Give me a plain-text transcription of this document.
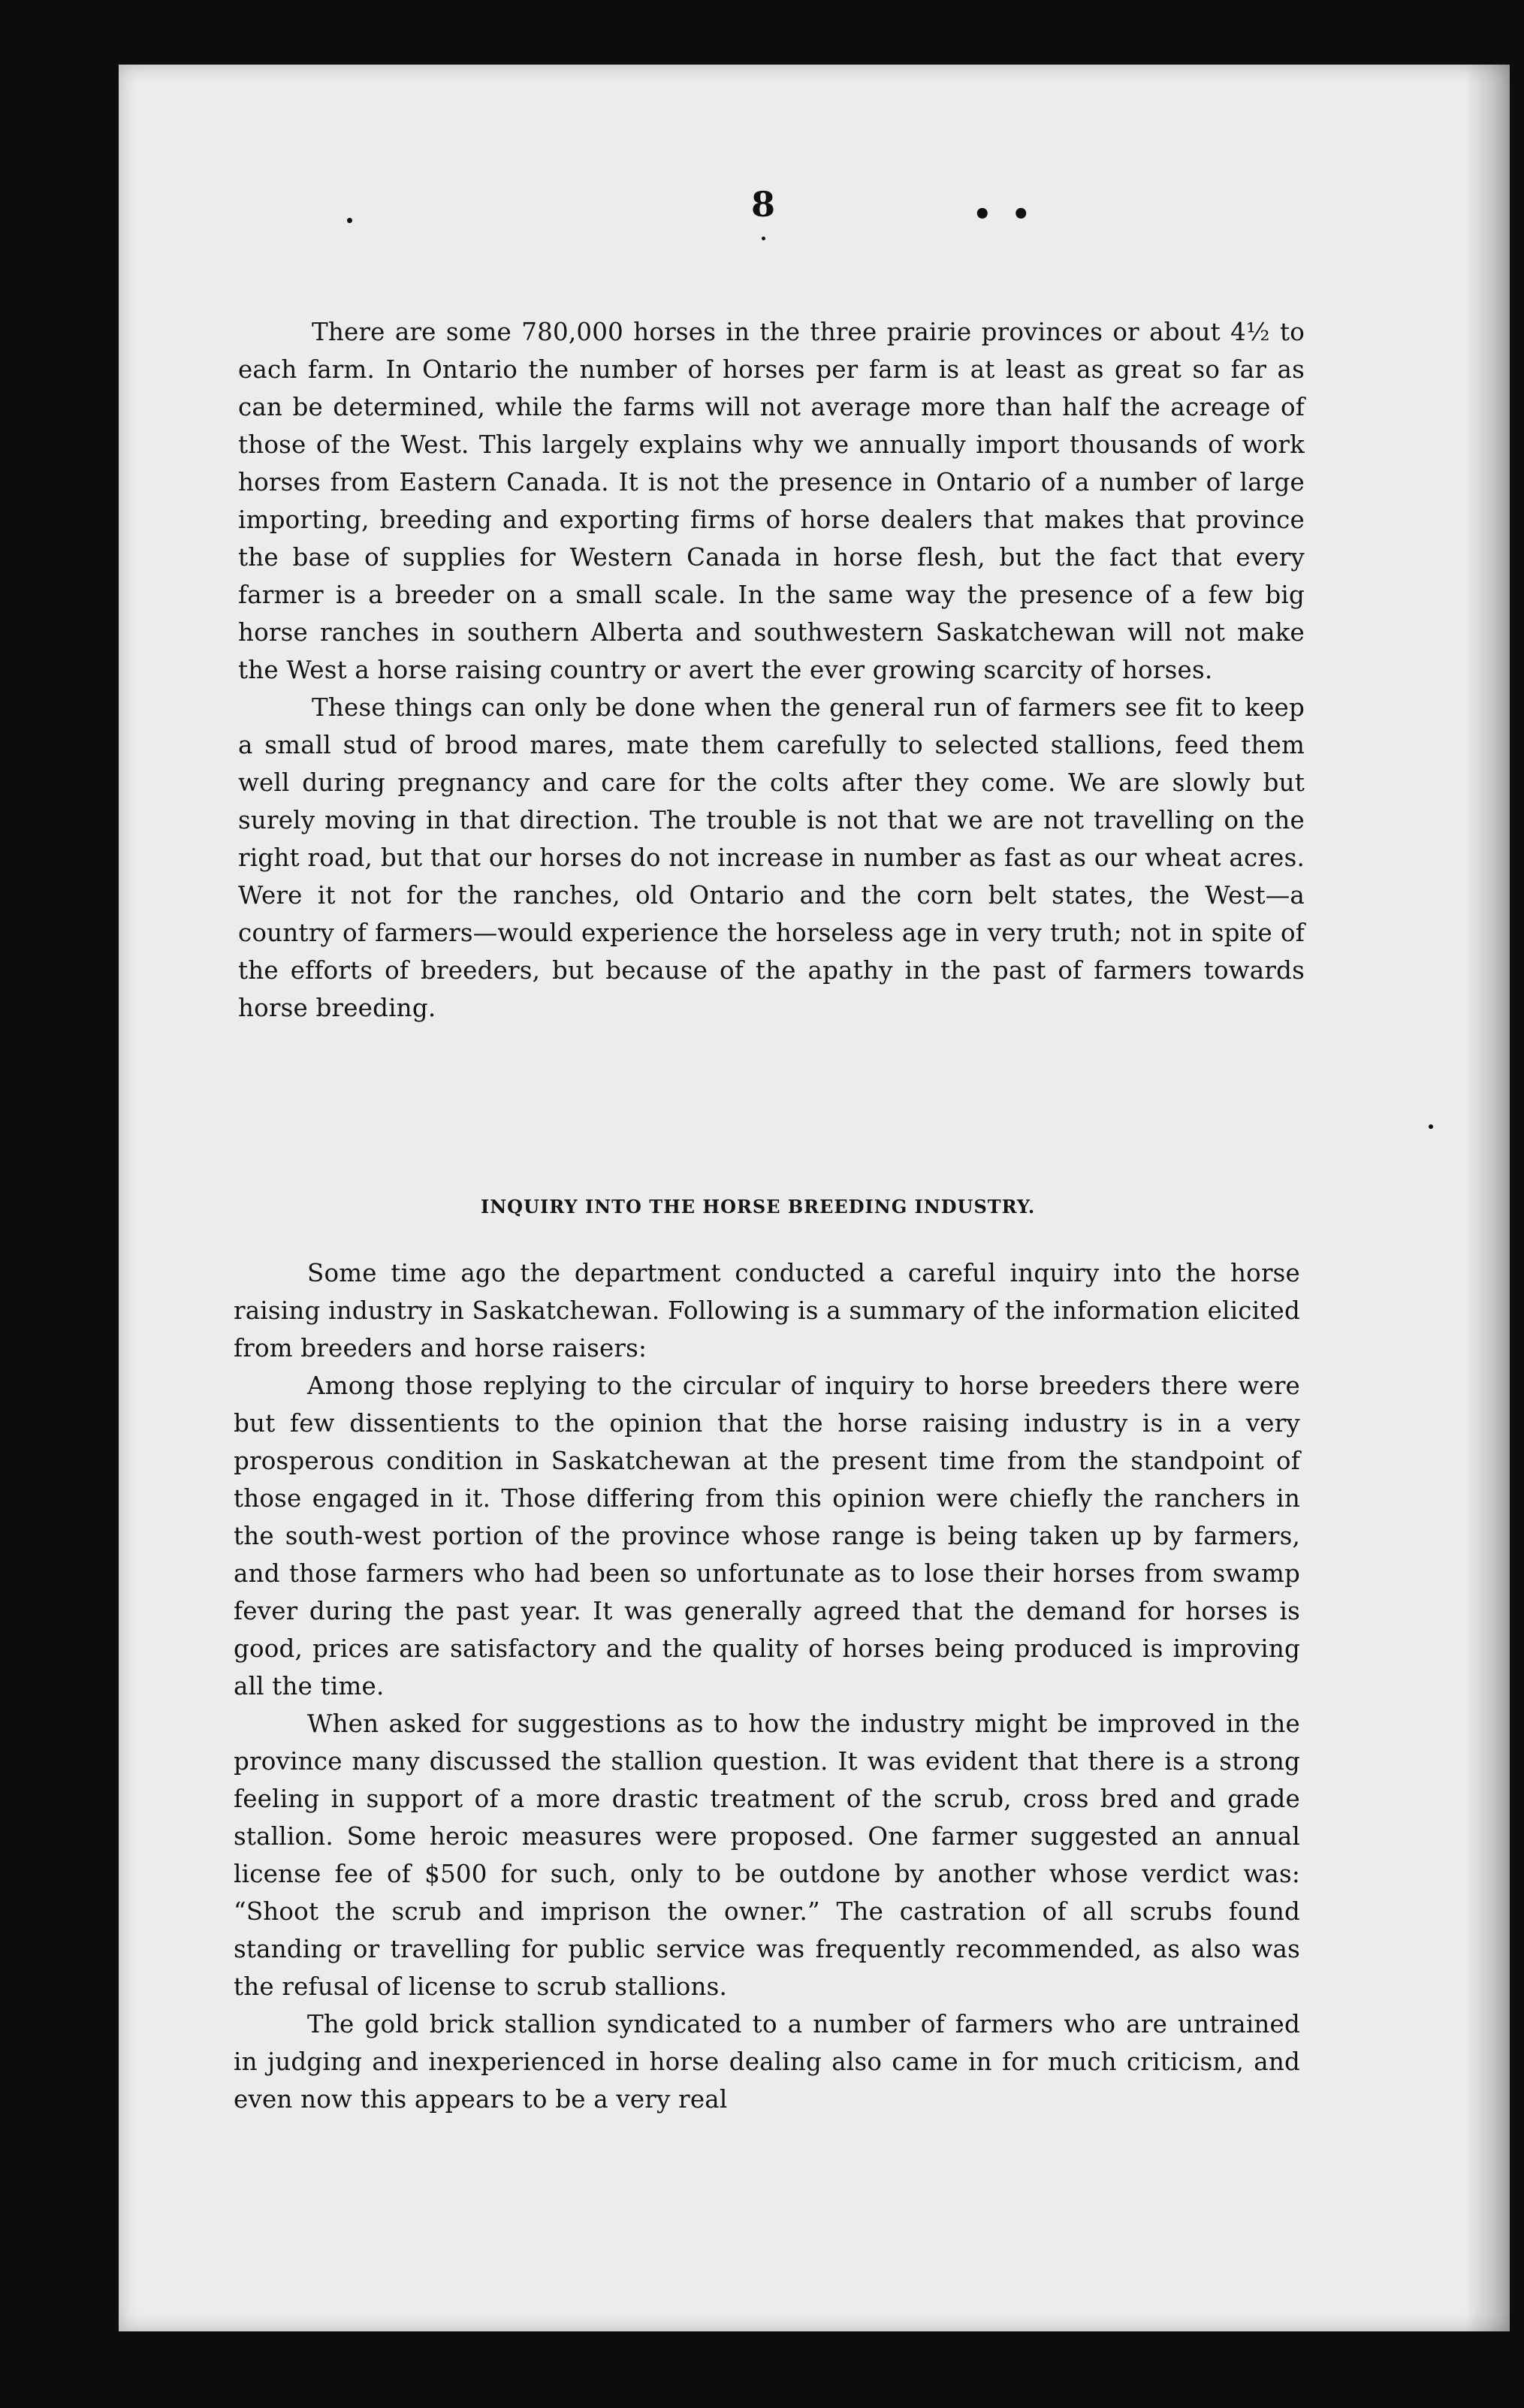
8	• •

There are some 780,000 horses in the three prairie provinces or about 4½ to each farm. In Ontario the number of horses per farm is at least as great so far as can be determined, while the farms will not average more than half the acreage of those of the West. This largely explains why we annually import thousands of work horses from Eastern Canada. It is not the presence in Ontario of a number of large importing, breeding and exporting firms of horse dealers that makes that province the base of supplies for Western Canada in horse flesh, but the fact that every farmer is a breeder on a small scale. In the same way the presence of a few big horse ranches in southern Alberta and southwestern Saskatchewan will not make the West a horse raising country or avert the ever growing scarcity of horses.

These things can only be done when the general run of farmers see fit to keep a small stud of brood mares, mate them carefully to selected stallions, feed them well during pregnancy and care for the colts after they come. We are slowly but surely moving in that direction. The trouble is not that we are not travelling on the right road, but that our horses do not increase in number as fast as our wheat acres. Were it not for the ranches, old Ontario and the corn belt states, the West—a country of farmers—would experience the horseless age in very truth; not in spite of the efforts of breeders, but because of the apathy in the past of farmers towards horse breeding.

INQUIRY INTO THE HORSE BREEDING INDUSTRY.

Some time ago the department conducted a careful inquiry into the horse raising industry in Saskatchewan. Following is a summary of the information elicited from breeders and horse raisers:

Among those replying to the circular of inquiry to horse breeders there were but few dissentients to the opinion that the horse raising industry is in a very prosperous condition in Saskatchewan at the present time from the standpoint of those engaged in it. Those differing from this opinion were chiefly the ranchers in the south-west portion of the province whose range is being taken up by farmers, and those farmers who had been so unfortunate as to lose their horses from swamp fever during the past year. It was generally agreed that the demand for horses is good, prices are satisfactory and the quality of horses being produced is improving all the time.

When asked for suggestions as to how the industry might be improved in the province many discussed the stallion question. It was evident that there is a strong feeling in support of a more drastic treatment of the scrub, cross bred and grade stallion. Some heroic measures were proposed. One farmer suggested an annual license fee of $500 for such, only to be outdone by another whose verdict was: “Shoot the scrub and imprison the owner.” The castration of all scrubs found standing or travelling for public service was frequently recommended, as also was the refusal of license to scrub stallions.

The gold brick stallion syndicated to a number of farmers who are untrained in judging and inexperienced in horse dealing also came in for much criticism, and even now this appears to be a very real
